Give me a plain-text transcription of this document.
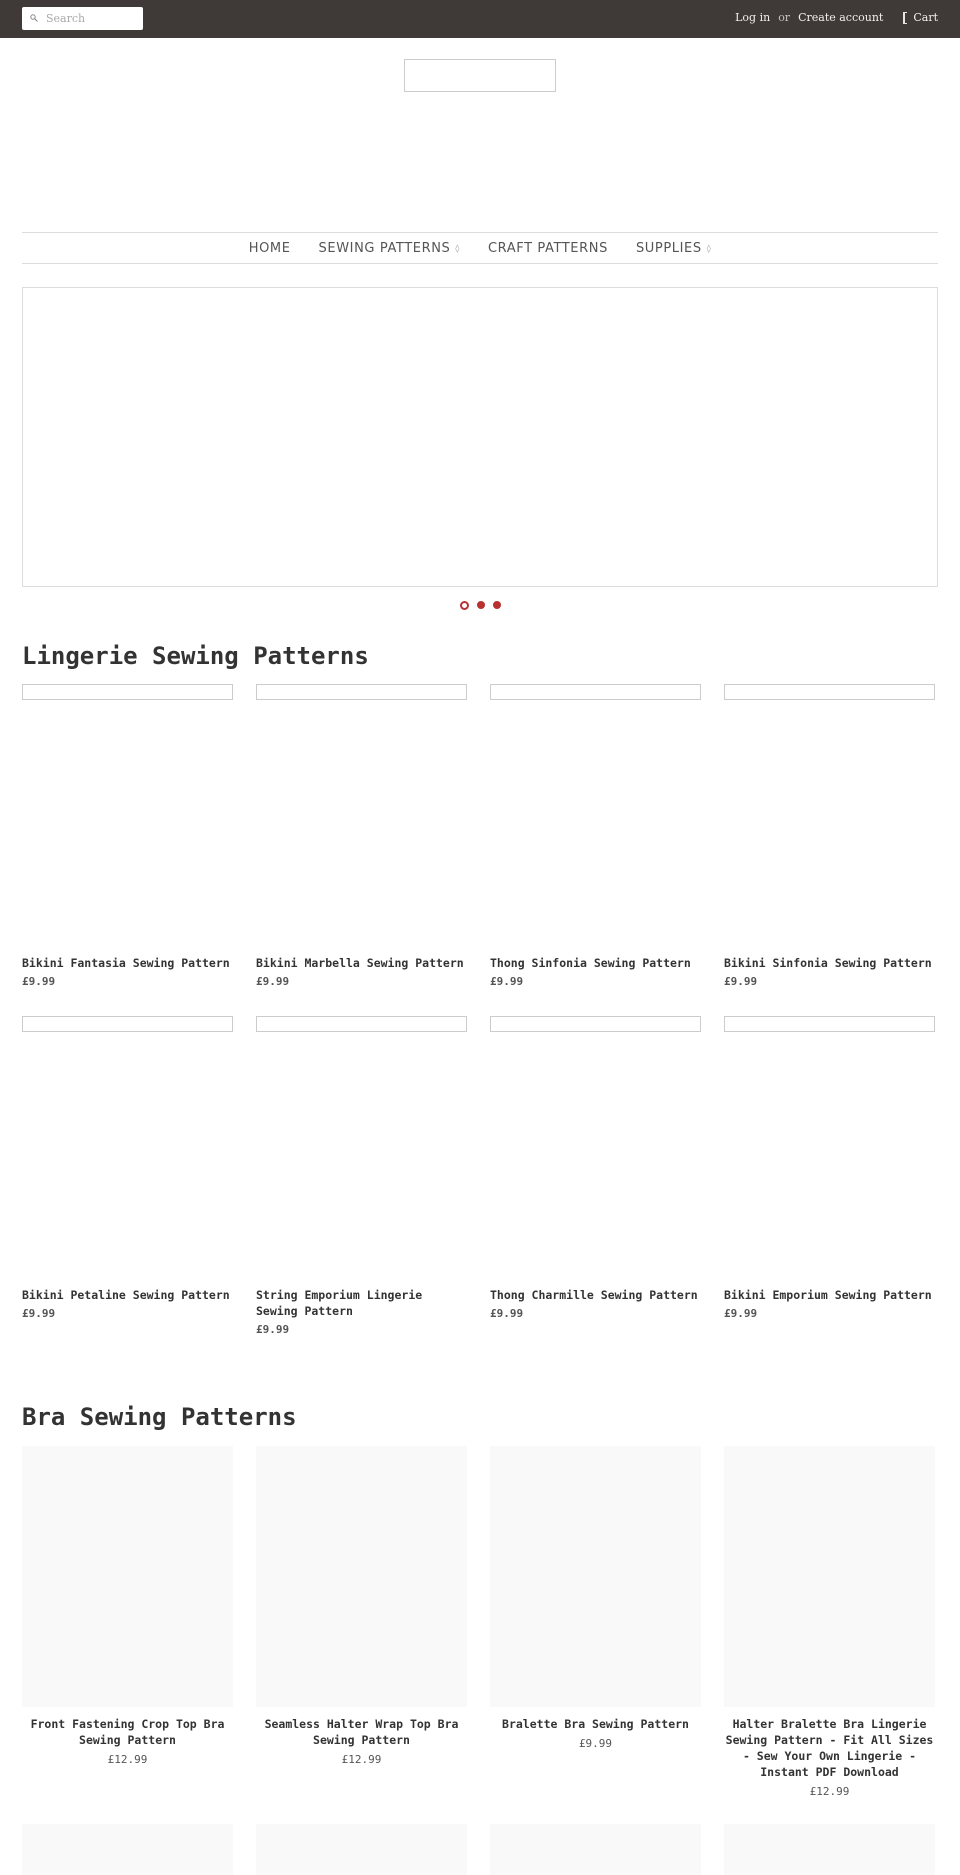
Search
Log in or Create account	Cart
HOME SEWING PATTERNS ◊ CRAFT PATTERNS SUPPLIES ◊
Lingerie Sewing Patterns
Bikini Fantasia Sewing Pattern
£9.99
Bikini Marbella Sewing Pattern
£9.99
Thong Sinfonia Sewing Pattern
£9.99
Bikini Sinfonia Sewing Pattern
£9.99
Bikini Petaline Sewing Pattern
£9.99
String Emporium Lingerie Sewing Pattern
£9.99
Thong Charmille Sewing Pattern
£9.99
Bikini Emporium Sewing Pattern
£9.99
Bra Sewing Patterns
Front Fastening Crop Top Bra Sewing Pattern
£12.99
Seamless Halter Wrap Top Bra Sewing Pattern
£12.99
Bralette Bra Sewing Pattern
£9.99
Halter Bralette Bra Lingerie Sewing Pattern - Fit All Sizes - Sew Your Own Lingerie - Instant PDF Download
£12.99
